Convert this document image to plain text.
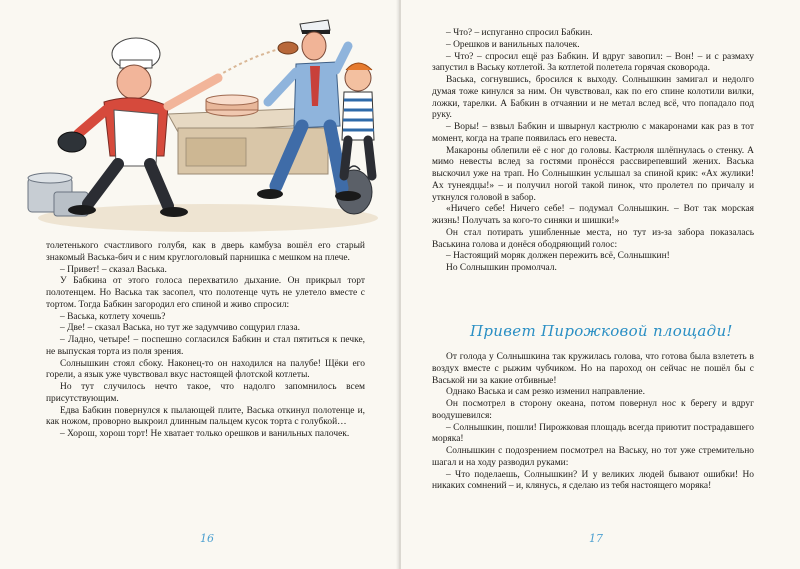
толетенького счастливого голубя, как в дверь камбуза вошёл его старый знакомый Васька-бич и с ним круглоголовый парнишка с мешком на плече.

– Привет! – сказал Васька.

У Бабкина от этого голоса перехватило дыхание. Он прикрыл торт полотенцем. Но Васька так засопел, что полотенце чуть не улетело вместе с тортом. Тогда Бабкин загородил его спиной и живо спросил:

– Васька, котлету хочешь?

– Две! – сказал Васька, но тут же задумчиво сощурил глаза.

– Ладно, четыре! – поспешно согласился Бабкин и стал пятиться к печке, не выпуская торта из поля зрения.

Солнышкин стоял сбоку. Наконец-то он находился на палубе! Щёки его горели, а язык уже чувствовал вкус настоящей флотской котлеты.

Но тут случилось нечто такое, что надолго запомнилось всем присутствующим.

Едва Бабкин повернулся к пылающей плите, Васька откинул полотенце и, как ножом, проворно выкроил длинным пальцем кусок торта с голубкой…

– Хорош, хорош торт! Не хватает только орешков и ванильных палочек.

16

– Что? – испуганно спросил Бабкин.

– Орешков и ванильных палочек.

– Что? – спросил ещё раз Бабкин. И вдруг завопил: – Вон! – и с размаху запустил в Ваську котлетой. За котлетой полетела горячая сковорода.

Васька, согнувшись, бросился к выходу. Солнышкин замигал и недолго думая тоже кинулся за ним. Он чувствовал, как по его спине колотили вилки, ложки, тарелки. А Бабкин в отчаянии и не метал вслед всё, что попадало под руку.

– Воры! – взвыл Бабкин и швырнул кастрюлю с макаронами как раз в тот момент, когда на трапе появилась его невеста.

Макароны облепили её с ног до головы. Кастрюля шлёпнулась о стенку. А мимо невесты вслед за гостями пронёсся рассвирепевший жених. Васька выскочил уже на трап. Но Солнышкин услышал за спиной крик: «Ах жулики! Ах тунеядцы!» – и получил ногой такой пинок, что пролетел по причалу и уткнулся головой в забор.

«Ничего себе! Ничего себе! – подумал Солнышкин. – Вот так морская жизнь! Получать за кого-то синяки и шишки!»

Он стал потирать ушибленные места, но тут из-за забора показалась Васькина голова и донёся ободряющий голос:

– Настоящий моряк должен пережить всё, Солнышкин!

Но Солнышкин промолчал.

Привет Пирожковой площади!

От голода у Солнышкина так кружилась голова, что готова была взлететь в воздух вместе с рыжим чубчиком. Но на пароход он сейчас не пошёл бы с Васькой ни за какие отбивные!

Однако Васька и сам резко изменил направление.

Он посмотрел в сторону океана, потом повернул нос к берегу и вдруг воодушевился:

– Солнышкин, пошли! Пирожковая площадь всегда приютит пострадавшего моряка!

Солнышкин с подозрением посмотрел на Ваську, но тот уже стремительно шагал и на ходу разводил руками:

– Что поделаешь, Солнышкин? И у великих людей бывают ошибки! Но никаких сомнений – и, клянусь, я сделаю из тебя настоящего моряка!

17
